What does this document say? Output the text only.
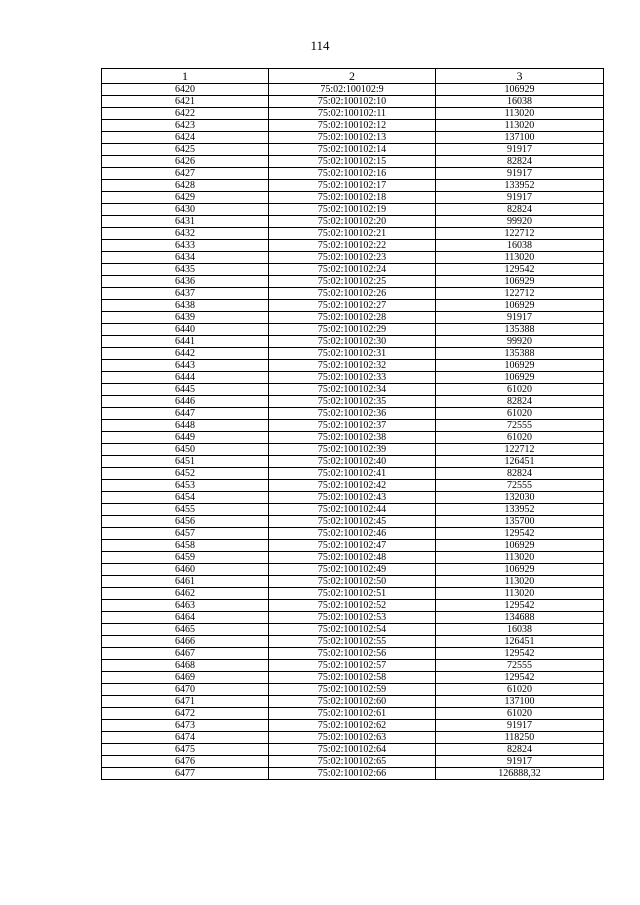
114
1	2	3
6420	75:02:100102:9	106929
6421	75:02:100102:10	16038
6422	75:02:100102:11	113020
6423	75:02:100102:12	113020
6424	75:02:100102:13	137100
6425	75:02:100102:14	91917
6426	75:02:100102:15	82824
6427	75:02:100102:16	91917
6428	75:02:100102:17	133952
6429	75:02:100102:18	91917
6430	75:02:100102:19	82824
6431	75:02:100102:20	99920
6432	75:02:100102:21	122712
6433	75:02:100102:22	16038
6434	75:02:100102:23	113020
6435	75:02:100102:24	129542
6436	75:02:100102:25	106929
6437	75:02:100102:26	122712
6438	75:02:100102:27	106929
6439	75:02:100102:28	91917
6440	75:02:100102:29	135388
6441	75:02:100102:30	99920
6442	75:02:100102:31	135388
6443	75:02:100102:32	106929
6444	75:02:100102:33	106929
6445	75:02:100102:34	61020
6446	75:02:100102:35	82824
6447	75:02:100102:36	61020
6448	75:02:100102:37	72555
6449	75:02:100102:38	61020
6450	75:02:100102:39	122712
6451	75:02:100102:40	126451
6452	75:02:100102:41	82824
6453	75:02:100102:42	72555
6454	75:02:100102:43	132030
6455	75:02:100102:44	133952
6456	75:02:100102:45	135700
6457	75:02:100102:46	129542
6458	75:02:100102:47	106929
6459	75:02:100102:48	113020
6460	75:02:100102:49	106929
6461	75:02:100102:50	113020
6462	75:02:100102:51	113020
6463	75:02:100102:52	129542
6464	75:02:100102:53	134688
6465	75:02:100102:54	16038
6466	75:02:100102:55	126451
6467	75:02:100102:56	129542
6468	75:02:100102:57	72555
6469	75:02:100102:58	129542
6470	75:02:100102:59	61020
6471	75:02:100102:60	137100
6472	75:02:100102:61	61020
6473	75:02:100102:62	91917
6474	75:02:100102:63	118250
6475	75:02:100102:64	82824
6476	75:02:100102:65	91917
6477	75:02:100102:66	126888,32
